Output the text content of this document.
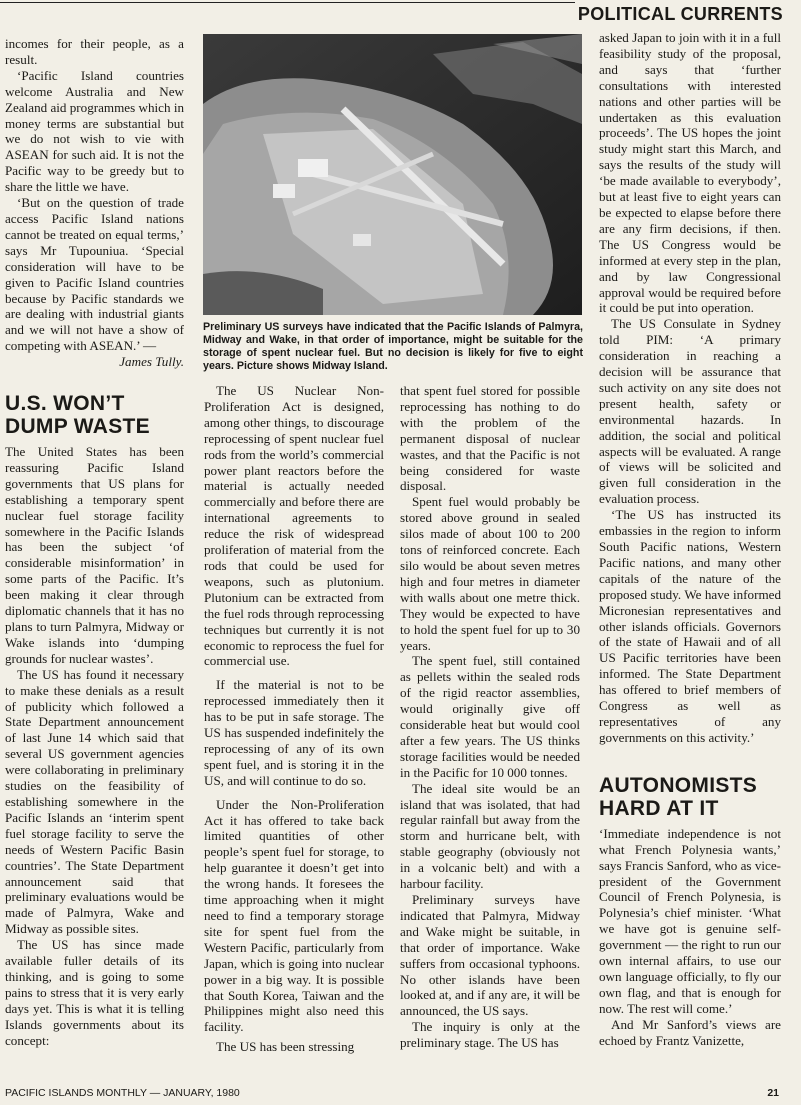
POLITICAL CURRENTS

incomes for their people, as a result.

‘Pacific Island countries welcome Australia and New Zealand aid programmes which in money terms are substantial but we do not wish to vie with ASEAN for such aid. It is not the Pacific way to be greedy but to share the little we have.

‘But on the question of trade access Pacific Island nations cannot be treated on equal terms,’ says Mr Tupouniua. ‘Special consideration will have to be given to Pacific Island countries because by Pacific standards we are dealing with industrial giants and we will not have a show of competing with ASEAN.’ —

James Tully.
U.S. WON’T
DUMP WASTE

The United States has been reassuring Pacific Island governments that US plans for establishing a temporary spent nuclear fuel storage facility somewhere in the Pacific Islands has been the subject ‘of considerable misinformation’ in some parts of the Pacific. It’s been making it clear through diplomatic channels that it has no plans to turn Palmyra, Midway or Wake islands into ‘dumping grounds for nuclear wastes’.

The US has found it necessary to make these denials as a result of publicity which followed a State Department announcement of last June 14 which said that several US government agencies were collaborating in preliminary studies on the feasibility of establishing somewhere in the Pacific Islands an ‘interim spent fuel storage facility to serve the needs of Western Pacific Basin countries’. The State Department announcement said that preliminary evaluations would be made of Palmyra, Wake and Midway as possible sites.

The US has since made available fuller details of its thinking, and is going to some pains to stress that it is very early days yet. This is what it is telling Islands governments about its concept:

Preliminary US surveys have indicated that the Pacific Islands of Palmyra, Midway and Wake, in that order of importance, might be suitable for the storage of spent nuclear fuel. But no decision is likely for five to eight years. Picture shows Midway Island.

The US Nuclear Non-Proliferation Act is designed, among other things, to discourage reprocessing of spent nuclear fuel rods from the world’s commercial power plant reactors before the material is actually needed commercially and before there are international agreements to reduce the risk of widespread proliferation of material from the rods that could be used for weapons, such as plutonium. Plutonium can be extracted from the fuel rods through reprocessing techniques but currently it is not economic to reprocess the fuel for commercial use.

If the material is not to be reprocessed immediately then it has to be put in safe storage. The US has suspended indefinitely the reprocessing of any of its own spent fuel, and is storing it in the US, and will continue to do so.

Under the Non-Proliferation Act it has offered to take back limited quantities of other people’s spent fuel for storage, to help guarantee it doesn’t get into the wrong hands. It foresees the time approaching when it might need to find a temporary storage site for spent fuel from the Western Pacific, particularly from Japan, which is going into nuclear power in a big way. It is possible that South Korea, Taiwan and the Philippines might also need this facility.

The US has been stressing

that spent fuel stored for possible reprocessing has nothing to do with the problem of the permanent disposal of nuclear wastes, and that the Pacific is not being considered for waste disposal.

Spent fuel would probably be stored above ground in sealed silos made of about 100 to 200 tons of reinforced concrete. Each silo would be about seven metres high and four metres in diameter with walls about one metre thick. They would be expected to have to hold the spent fuel for up to 30 years.

The spent fuel, still contained as pellets within the sealed rods of the rigid reactor assemblies, would originally give off considerable heat but would cool after a few years. The US thinks storage facilities would be needed in the Pacific for 10 000 tonnes.

The ideal site would be an island that was isolated, that had regular rainfall but away from the storm and hurricane belt, with stable geography (obviously not in a volcanic belt) and with a harbour facility.

Preliminary surveys have indicated that Palmyra, Midway and Wake might be suitable, in that order of importance. Wake suffers from occasional typhoons. No other islands have been looked at, and if any are, it will be announced, the US says.

The inquiry is only at the preliminary stage. The US has

asked Japan to join with it in a full feasibility study of the proposal, and says that ‘further consultations with interested nations and other parties will be undertaken as this evaluation proceeds’. The US hopes the joint study might start this March, and says the results of the study will ‘be made available to everybody’, but at least five to eight years can be expected to elapse before there are any firm decisions, if then. The US Congress would be informed at every step in the plan, and by law Congressional approval would be required before it could be put into operation.

The US Consulate in Sydney told PIM: ‘A primary consideration in reaching a decision will be assurance that such activity on any site does not present health, safety or environmental hazards. In addition, the social and political aspects will be evaluated. A range of views will be solicited and given full consideration in the evaluation process.

‘The US has instructed its embassies in the region to inform South Pacific nations, Western Pacific nations, and many other capitals of the nature of the proposed study. We have informed Micronesian representatives and other islands officials. Governors of the state of Hawaii and of all US Pacific territories have been informed. The State Department has offered to brief members of Congress as well as representatives of any governments on this activity.’

AUTONOMISTS
HARD AT IT

‘Immediate independence is not what French Polynesia wants,’ says Francis Sanford, who as vice-president of the Government Council of French Polynesia, is Polynesia’s chief minister. ‘What we have got is genuine self-government — the right to run our own internal affairs, to use our own language officially, to fly our own flag, and that is enough for now. The rest will come.’

And Mr Sanford’s views are echoed by Frantz Vanizette,

PACIFIC ISLANDS MONTHLY — JANUARY, 1980	21
